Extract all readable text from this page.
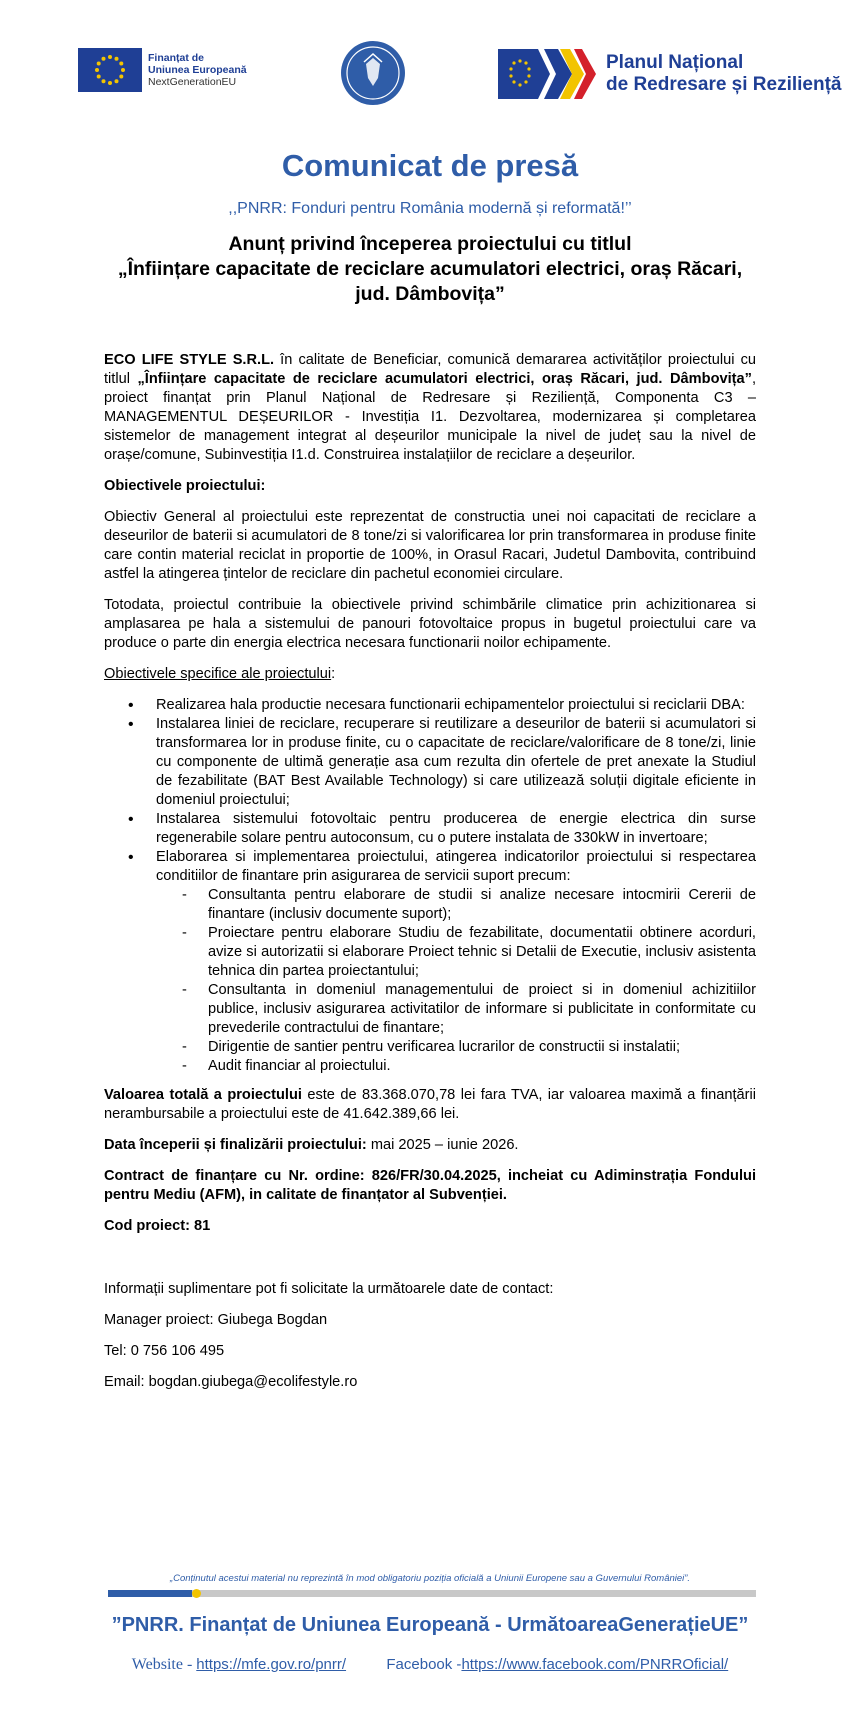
Finanțat de
Uniunea Europeană
NextGenerationEU
Planul Național
de Redresare și Reziliență
Comunicat de presă
,,PNRR: Fonduri pentru România modernă și reformată!’’
Anunț privind începerea proiectului cu titlul
„Înființare capacitate de reciclare acumulatori electrici, oraș Răcari,
jud. Dâmbovița”

ECO LIFE STYLE S.R.L. în calitate de Beneficiar, comunică demararea activităților proiectului cu titlul „Înființare capacitate de reciclare acumulatori electrici, oraș Răcari, jud. Dâmbovița”, proiect finanțat prin Planul Național de Redresare și Reziliență, Componenta C3 – MANAGEMENTUL DEȘEURILOR - Investiția I1. Dezvoltarea, modernizarea și completarea sistemelor de management integrat al deșeurilor municipale la nivel de județ sau la nivel de orașe/comune, Subinvestiția I1.d. Construirea instalațiilor de reciclare a deșeurilor.

Obiectivele proiectului:

Obiectiv General al proiectului este reprezentat de constructia unei noi capacitati de reciclare a deseurilor de baterii si acumulatori de 8 tone/zi si valorificarea lor prin transformarea in produse finite care contin material reciclat in proportie de 100%, in Orasul Racari, Judetul Dambovita, contribuind astfel la atingerea țintelor de reciclare din pachetul economiei circulare.

Totodata, proiectul contribuie la obiectivele privind schimbările climatice prin achizitionarea si amplasarea pe hala a sistemului de panouri fotovoltaice propus in bugetul proiectului care va produce o parte din energia electrica necesara functionarii noilor echipamente.

Obiectivele specifice ale proiectului:

• Realizarea hala productie necesara functionarii echipamentelor proiectului si reciclarii DBA:
• Instalarea liniei de reciclare, recuperare si reutilizare a deseurilor de baterii si acumulatori si transformarea lor in produse finite, cu o capacitate de reciclare/valorificare de 8 tone/zi, linie cu componente de ultimă generație asa cum rezulta din ofertele de pret anexate la Studiul de fezabilitate (BAT Best Available Technology) si care utilizează soluții digitale eficiente in domeniul proiectului;
• Instalarea sistemului fotovoltaic pentru producerea de energie electrica din surse regenerabile solare pentru autoconsum, cu o putere instalata de 330kW in invertoare;
• Elaborarea si implementarea proiectului, atingerea indicatorilor proiectului si respectarea conditiilor de finantare prin asigurarea de servicii suport precum:
- Consultanta pentru elaborare de studii si analize necesare intocmirii Cererii de finantare (inclusiv documente suport);
- Proiectare pentru elaborare Studiu de fezabilitate, documentatii obtinere acorduri, avize si autorizatii si elaborare Proiect tehnic si Detalii de Executie, inclusiv asistenta tehnica din partea proiectantului;
- Consultanta in domeniul managementului de proiect si in domeniul achizitiilor publice, inclusiv asigurarea activitatilor de informare si publicitate in conformitate cu prevederile contractului de finantare;
- Dirigentie de santier pentru verificarea lucrarilor de constructii si instalatii;
- Audit financiar al proiectului.

Valoarea totală a proiectului este de 83.368.070,78 lei fara TVA, iar valoarea maximă a finanțării nerambursabile a proiectului este de 41.642.389,66 lei.

Data începerii și finalizării proiectului: mai 2025 – iunie 2026.

Contract de finanțare cu Nr. ordine: 826/FR/30.04.2025, incheiat cu Adiminstrația Fondului pentru Mediu (AFM), in calitate de finanțator al Subvenției.

Cod proiect: 81

Informații suplimentare pot fi solicitate la următoarele date de contact:

Manager proiect: Giubega Bogdan

Tel: 0 756 106 495

Email: bogdan.giubega@ecolifestyle.ro

„Conținutul acestui material nu reprezintă în mod obligatoriu poziția oficială a Uniunii Europene sau a Guvernului României”.
”PNRR. Finanțat de Uniunea Europeană - UrmătoareaGenerațieUE”
Website - https://mfe.gov.ro/pnrr/	Facebook -https://www.facebook.com/PNRROficial/
